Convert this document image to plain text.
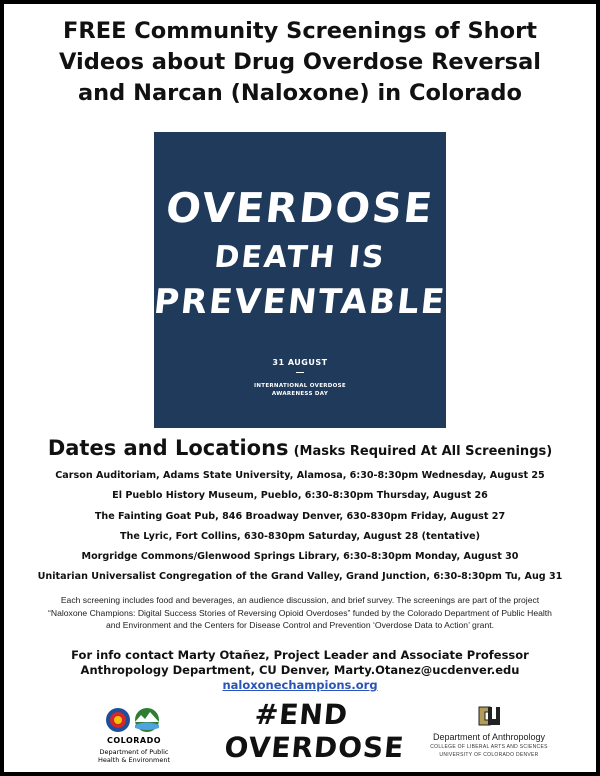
FREE Community Screenings of Short
Videos about Drug Overdose Reversal
and Narcan (Naloxone) in Colorado
OVERDOSE
DEATH IS
PREVENTABLE.
31 AUGUST
INTERNATIONAL OVERDOSE
AWARENESS DAY
Dates and Locations (Masks Required At All Screenings)
Carson Auditoriam, Adams State University, Alamosa, 6:30-8:30pm Wednesday, August 25
El Pueblo History Museum, Pueblo, 6:30-8:30pm Thursday, August 26
The Fainting Goat Pub, 846 Broadway Denver, 630-830pm Friday, August 27
The Lyric, Fort Collins, 630-830pm Saturday, August 28 (tentative)
Morgridge Commons/Glenwood Springs Library, 6:30-8:30pm Monday, August 30
Unitarian Universalist Congregation of the Grand Valley, Grand Junction, 6:30-8:30pm Tu, Aug 31
Each screening includes food and beverages, an audience discussion, and brief survey. The screenings are part of the project
“Naloxone Champions: Digital Success Stories of Reversing Opioid Overdoses” funded by the Colorado Department of Public Health
and Environment and the Centers for Disease Control and Prevention ‘Overdose Data to Action’ grant.
For info contact Marty Otañez, Project Leader and Associate Professor
Anthropology Department, CU Denver, Marty.Otanez@ucdenver.edu
naloxonechampions.org
COLORADO
Department of Public
Health & Environment
#END
OVERDOSE	Department of Anthropology
COLLEGE OF LIBERAL ARTS AND SCIENCES
UNIVERSITY OF COLORADO DENVER
